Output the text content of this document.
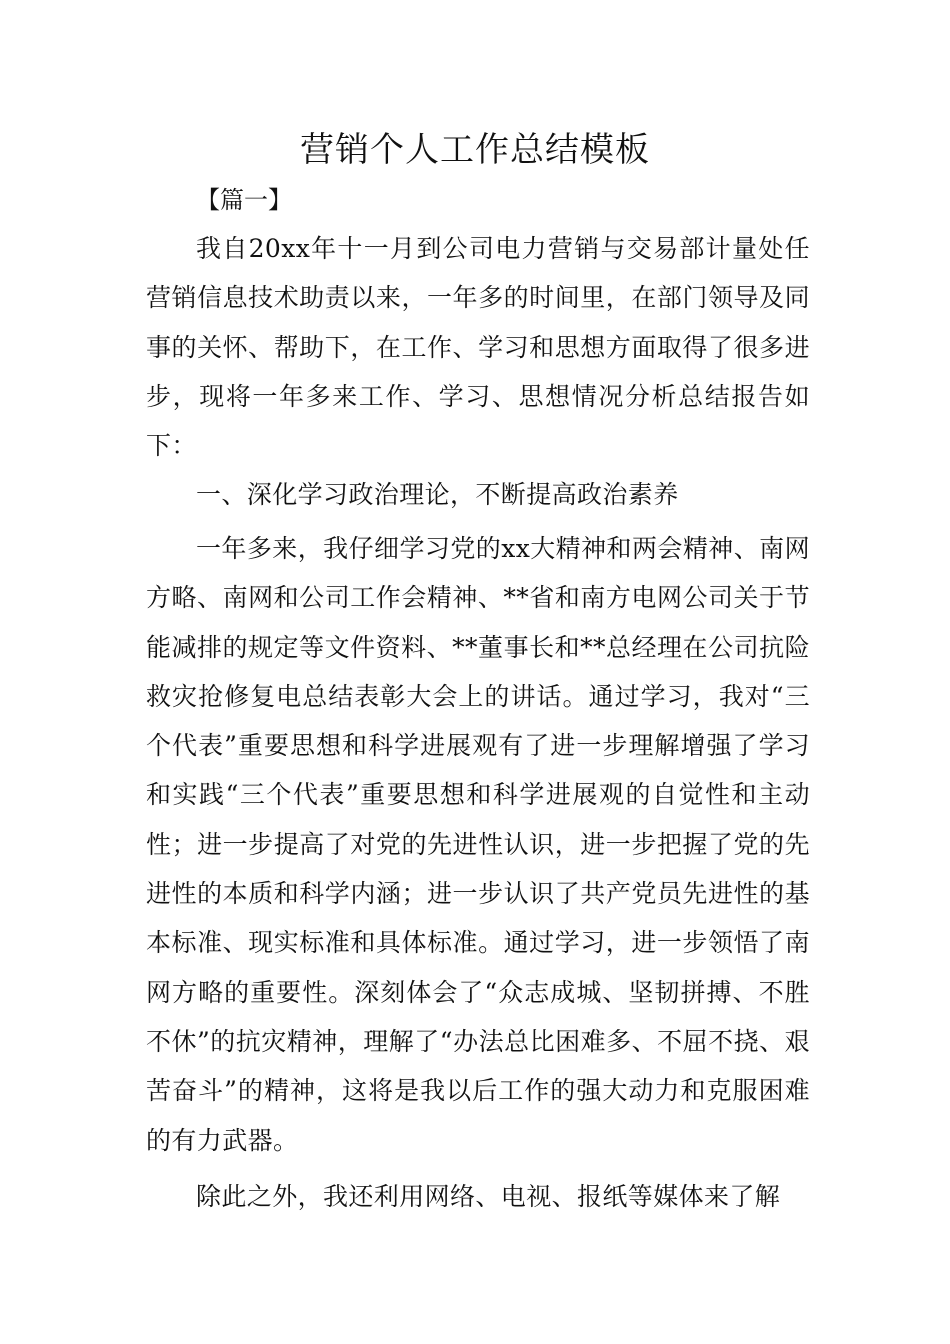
营销个人工作总结模板
【篇一】

我自20xx年十一月到公司电力营销与交易部计量处任营销信息技术助责以来，一年多的时间里，在部门领导及同事的关怀、帮助下，在工作、学习和思想方面取得了很多进步，现将一年多来工作、学习、思想情况分析总结报告如下：

一、深化学习政治理论，不断提高政治素养

一年多来，我仔细学习党的xx大精神和两会精神、南网方略、南网和公司工作会精神、**省和南方电网公司关于节能减排的规定等文件资料、**董事长和**总经理在公司抗险救灾抢修复电总结表彰大会上的讲话。通过学习，我对“三个代表”重要思想和科学进展观有了进一步理解增强了学习和实践“三个代表”重要思想和科学进展观的自觉性和主动性；进一步提高了对党的先进性认识，进一步把握了党的先进性的本质和科学内涵；进一步认识了共产党员先进性的基本标准、现实标准和具体标准。通过学习，进一步领悟了南网方略的重要性。深刻体会了“众志成城、坚韧拼搏、不胜不休”的抗灾精神，理解了“办法总比困难多、不屈不挠、艰苦奋斗”的精神，这将是我以后工作的强大动力和克服困难的有力武器。

除此之外，我还利用网络、电视、报纸等媒体来了解
